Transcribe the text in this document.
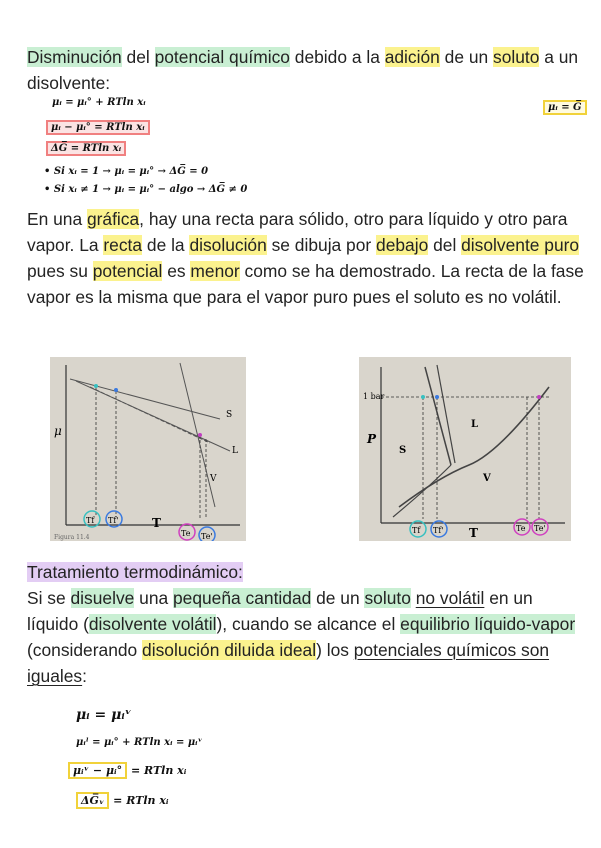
Disminución del potencial químico debido a la adición de un soluto a un disolvente:
μᵢ = μᵢ° + RTln xᵢ
μᵢ − μᵢ° = RTln xᵢ
ΔG̅ = RTln xᵢ
• Si xᵢ = 1 → μᵢ = μᵢ° → ΔG̅ = 0
• Si xᵢ ≠ 1 → μᵢ = μᵢ° − algo → ΔG̅ ≠ 0
μᵢ = G̅
En una gráfica, hay una recta para sólido, otro para líquido y otro para vapor. La recta de la disolución se dibuja por debajo del disolvente puro pues su potencial es menor como se ha demostrado. La recta de la fase vapor es la misma que para el vapor puro pues el soluto es no volátil.
μ
T
S
L
V
Tf Tf'
Te Te'
Figura 11.4
P
T
1 bar
S
L
V
Tf Tf'	Te Te'
Tratamiento termodinámico:
Si se disuelve una pequeña cantidad de un soluto no volátil en un líquido (disolvente volátil), cuando se alcance el equilibrio líquido-vapor (considerando disolución diluida ideal) los potenciales químicos son iguales:
μᵢ = μᵢᵛ
μᵢˡ = μᵢ° + RTln xᵢ = μᵢᵛ
μᵢᵛ − μᵢ° = RTln xᵢ
ΔG̅ᵥ = RTln xᵢ
